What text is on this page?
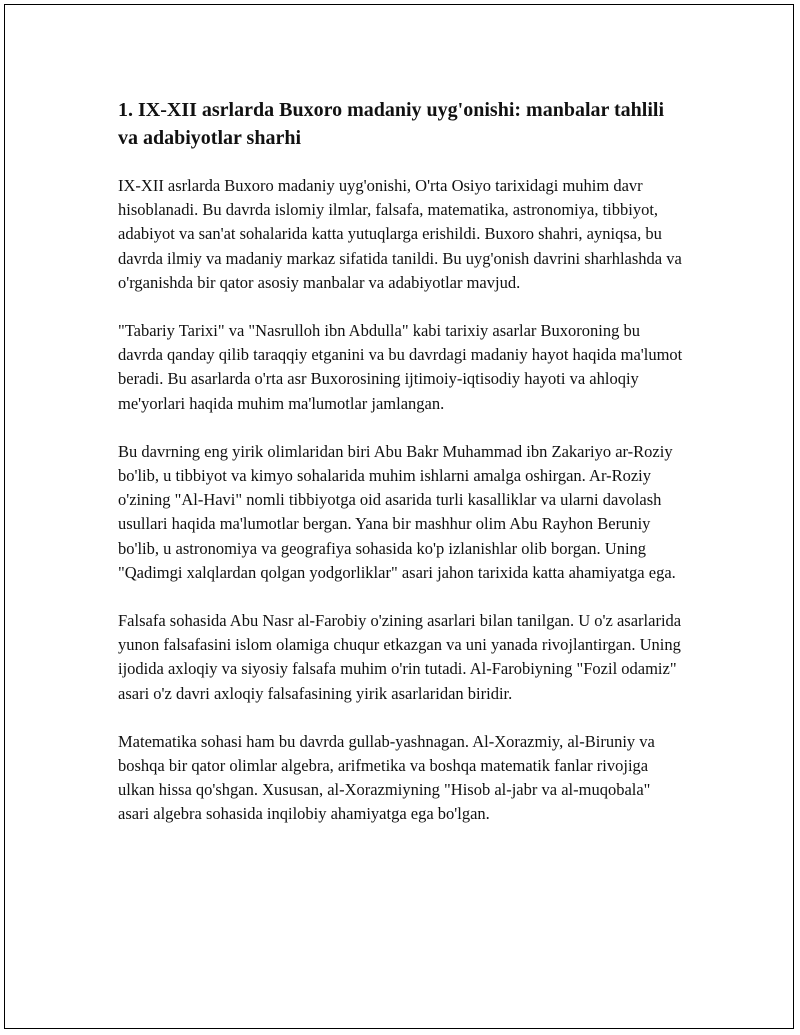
1. IX-XII asrlarda Buxoro madaniy uyg'onishi: manbalar tahlili va adabiyotlar sharhi

IX-XII asrlarda Buxoro madaniy uyg'onishi, O'rta Osiyo tarixidagi muhim davr hisoblanadi. Bu davrda islomiy ilmlar, falsafa, matematika, astronomiya, tibbiyot, adabiyot va san'at sohalarida katta yutuqlarga erishildi. Buxoro shahri, ayniqsa, bu davrda ilmiy va madaniy markaz sifatida tanildi. Bu uyg'onish davrini sharhlashda va o'rganishda bir qator asosiy manbalar va adabiyotlar mavjud.

"Tabariy Tarixi" va "Nasrulloh ibn Abdulla" kabi tarixiy asarlar Buxoroning bu davrda qanday qilib taraqqiy etganini va bu davrdagi madaniy hayot haqida ma'lumot beradi. Bu asarlarda o'rta asr Buxorosining ijtimoiy-iqtisodiy hayoti va ahloqiy me'yorlari haqida muhim ma'lumotlar jamlangan.

Bu davrning eng yirik olimlaridan biri Abu Bakr Muhammad ibn Zakariyo ar-Roziy bo'lib, u tibbiyot va kimyo sohalarida muhim ishlarni amalga oshirgan. Ar-Roziy o'zining "Al-Havi" nomli tibbiyotga oid asarida turli kasalliklar va ularni davolash usullari haqida ma'lumotlar bergan. Yana bir mashhur olim Abu Rayhon Beruniy bo'lib, u astronomiya va geografiya sohasida ko'p izlanishlar olib borgan. Uning "Qadimgi xalqlardan qolgan yodgorliklar" asari jahon tarixida katta ahamiyatga ega.

Falsafa sohasida Abu Nasr al-Farobiy o'zining asarlari bilan tanilgan. U o'z asarlarida yunon falsafasini islom olamiga chuqur etkazgan va uni yanada rivojlantirgan. Uning ijodida axloqiy va siyosiy falsafa muhim o'rin tutadi. Al-Farobiyning "Fozil odamiz" asari o'z davri axloqiy falsafasining yirik asarlaridan biridir.

Matematika sohasi ham bu davrda gullab-yashnagan. Al-Xorazmiy, al-Biruniy va boshqa bir qator olimlar algebra, arifmetika va boshqa matematik fanlar rivojiga ulkan hissa qo'shgan. Xususan, al-Xorazmiyning "Hisob al-jabr va al-muqobala" asari algebra sohasida inqilobiy ahamiyatga ega bo'lgan.
